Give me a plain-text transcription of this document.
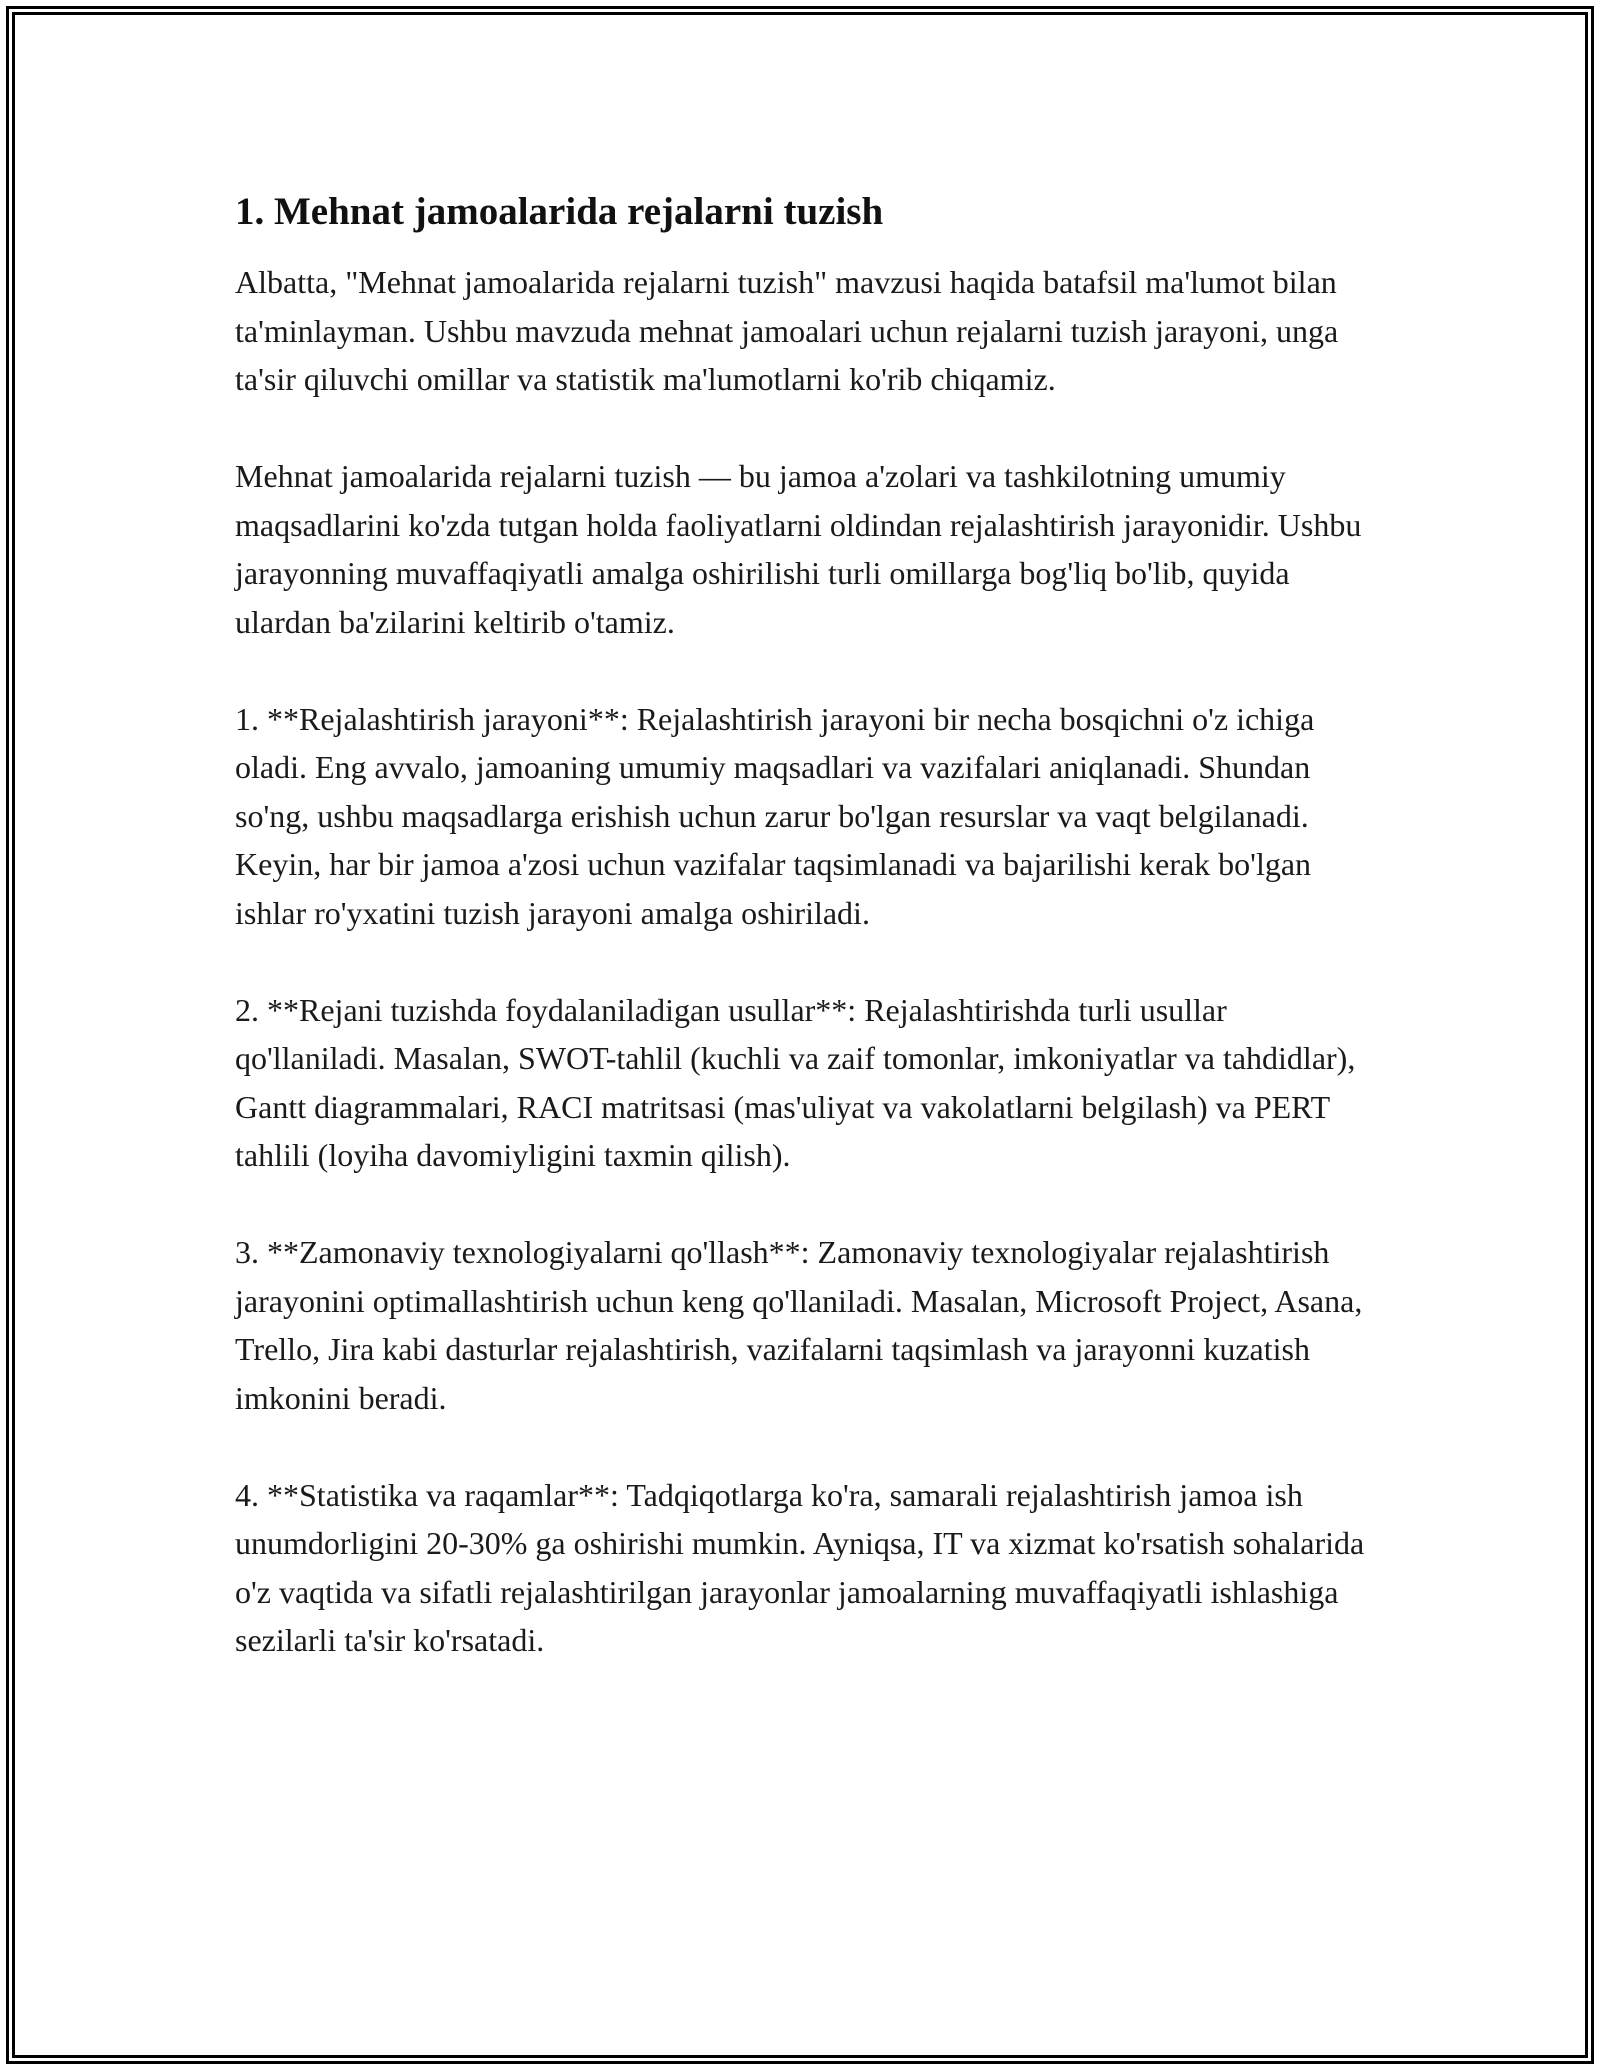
1. Mehnat jamoalarida rejalarni tuzish

Albatta, "Mehnat jamoalarida rejalarni tuzish" mavzusi haqida batafsil ma'lumot bilan ta'minlayman. Ushbu mavzuda mehnat jamoalari uchun rejalarni tuzish jarayoni, unga ta'sir qiluvchi omillar va statistik ma'lumotlarni ko'rib chiqamiz.

Mehnat jamoalarida rejalarni tuzish — bu jamoa a'zolari va tashkilotning umumiy maqsadlarini ko'zda tutgan holda faoliyatlarni oldindan rejalashtirish jarayonidir. Ushbu jarayonning muvaffaqiyatli amalga oshirilishi turli omillarga bog'liq bo'lib, quyida ulardan ba'zilarini keltirib o'tamiz.

1. **Rejalashtirish jarayoni**: Rejalashtirish jarayoni bir necha bosqichni o'z ichiga oladi. Eng avvalo, jamoaning umumiy maqsadlari va vazifalari aniqlanadi. Shundan so'ng, ushbu maqsadlarga erishish uchun zarur bo'lgan resurslar va vaqt belgilanadi. Keyin, har bir jamoa a'zosi uchun vazifalar taqsimlanadi va bajarilishi kerak bo'lgan ishlar ro'yxatini tuzish jarayoni amalga oshiriladi.

2. **Rejani tuzishda foydalaniladigan usullar**: Rejalashtirishda turli usullar qo'llaniladi. Masalan, SWOT-tahlil (kuchli va zaif tomonlar, imkoniyatlar va tahdidlar), Gantt diagrammalari, RACI matritsasi (mas'uliyat va vakolatlarni belgilash) va PERT tahlili (loyiha davomiyligini taxmin qilish).

3. **Zamonaviy texnologiyalarni qo'llash**: Zamonaviy texnologiyalar rejalashtirish jarayonini optimallashtirish uchun keng qo'llaniladi. Masalan, Microsoft Project, Asana, Trello, Jira kabi dasturlar rejalashtirish, vazifalarni taqsimlash va jarayonni kuzatish imkonini beradi.

4. **Statistika va raqamlar**: Tadqiqotlarga ko'ra, samarali rejalashtirish jamoa ish unumdorligini 20-30% ga oshirishi mumkin. Ayniqsa, IT va xizmat ko'rsatish sohalarida o'z vaqtida va sifatli rejalashtirilgan jarayonlar jamoalarning muvaffaqiyatli ishlashiga sezilarli ta'sir ko'rsatadi.
